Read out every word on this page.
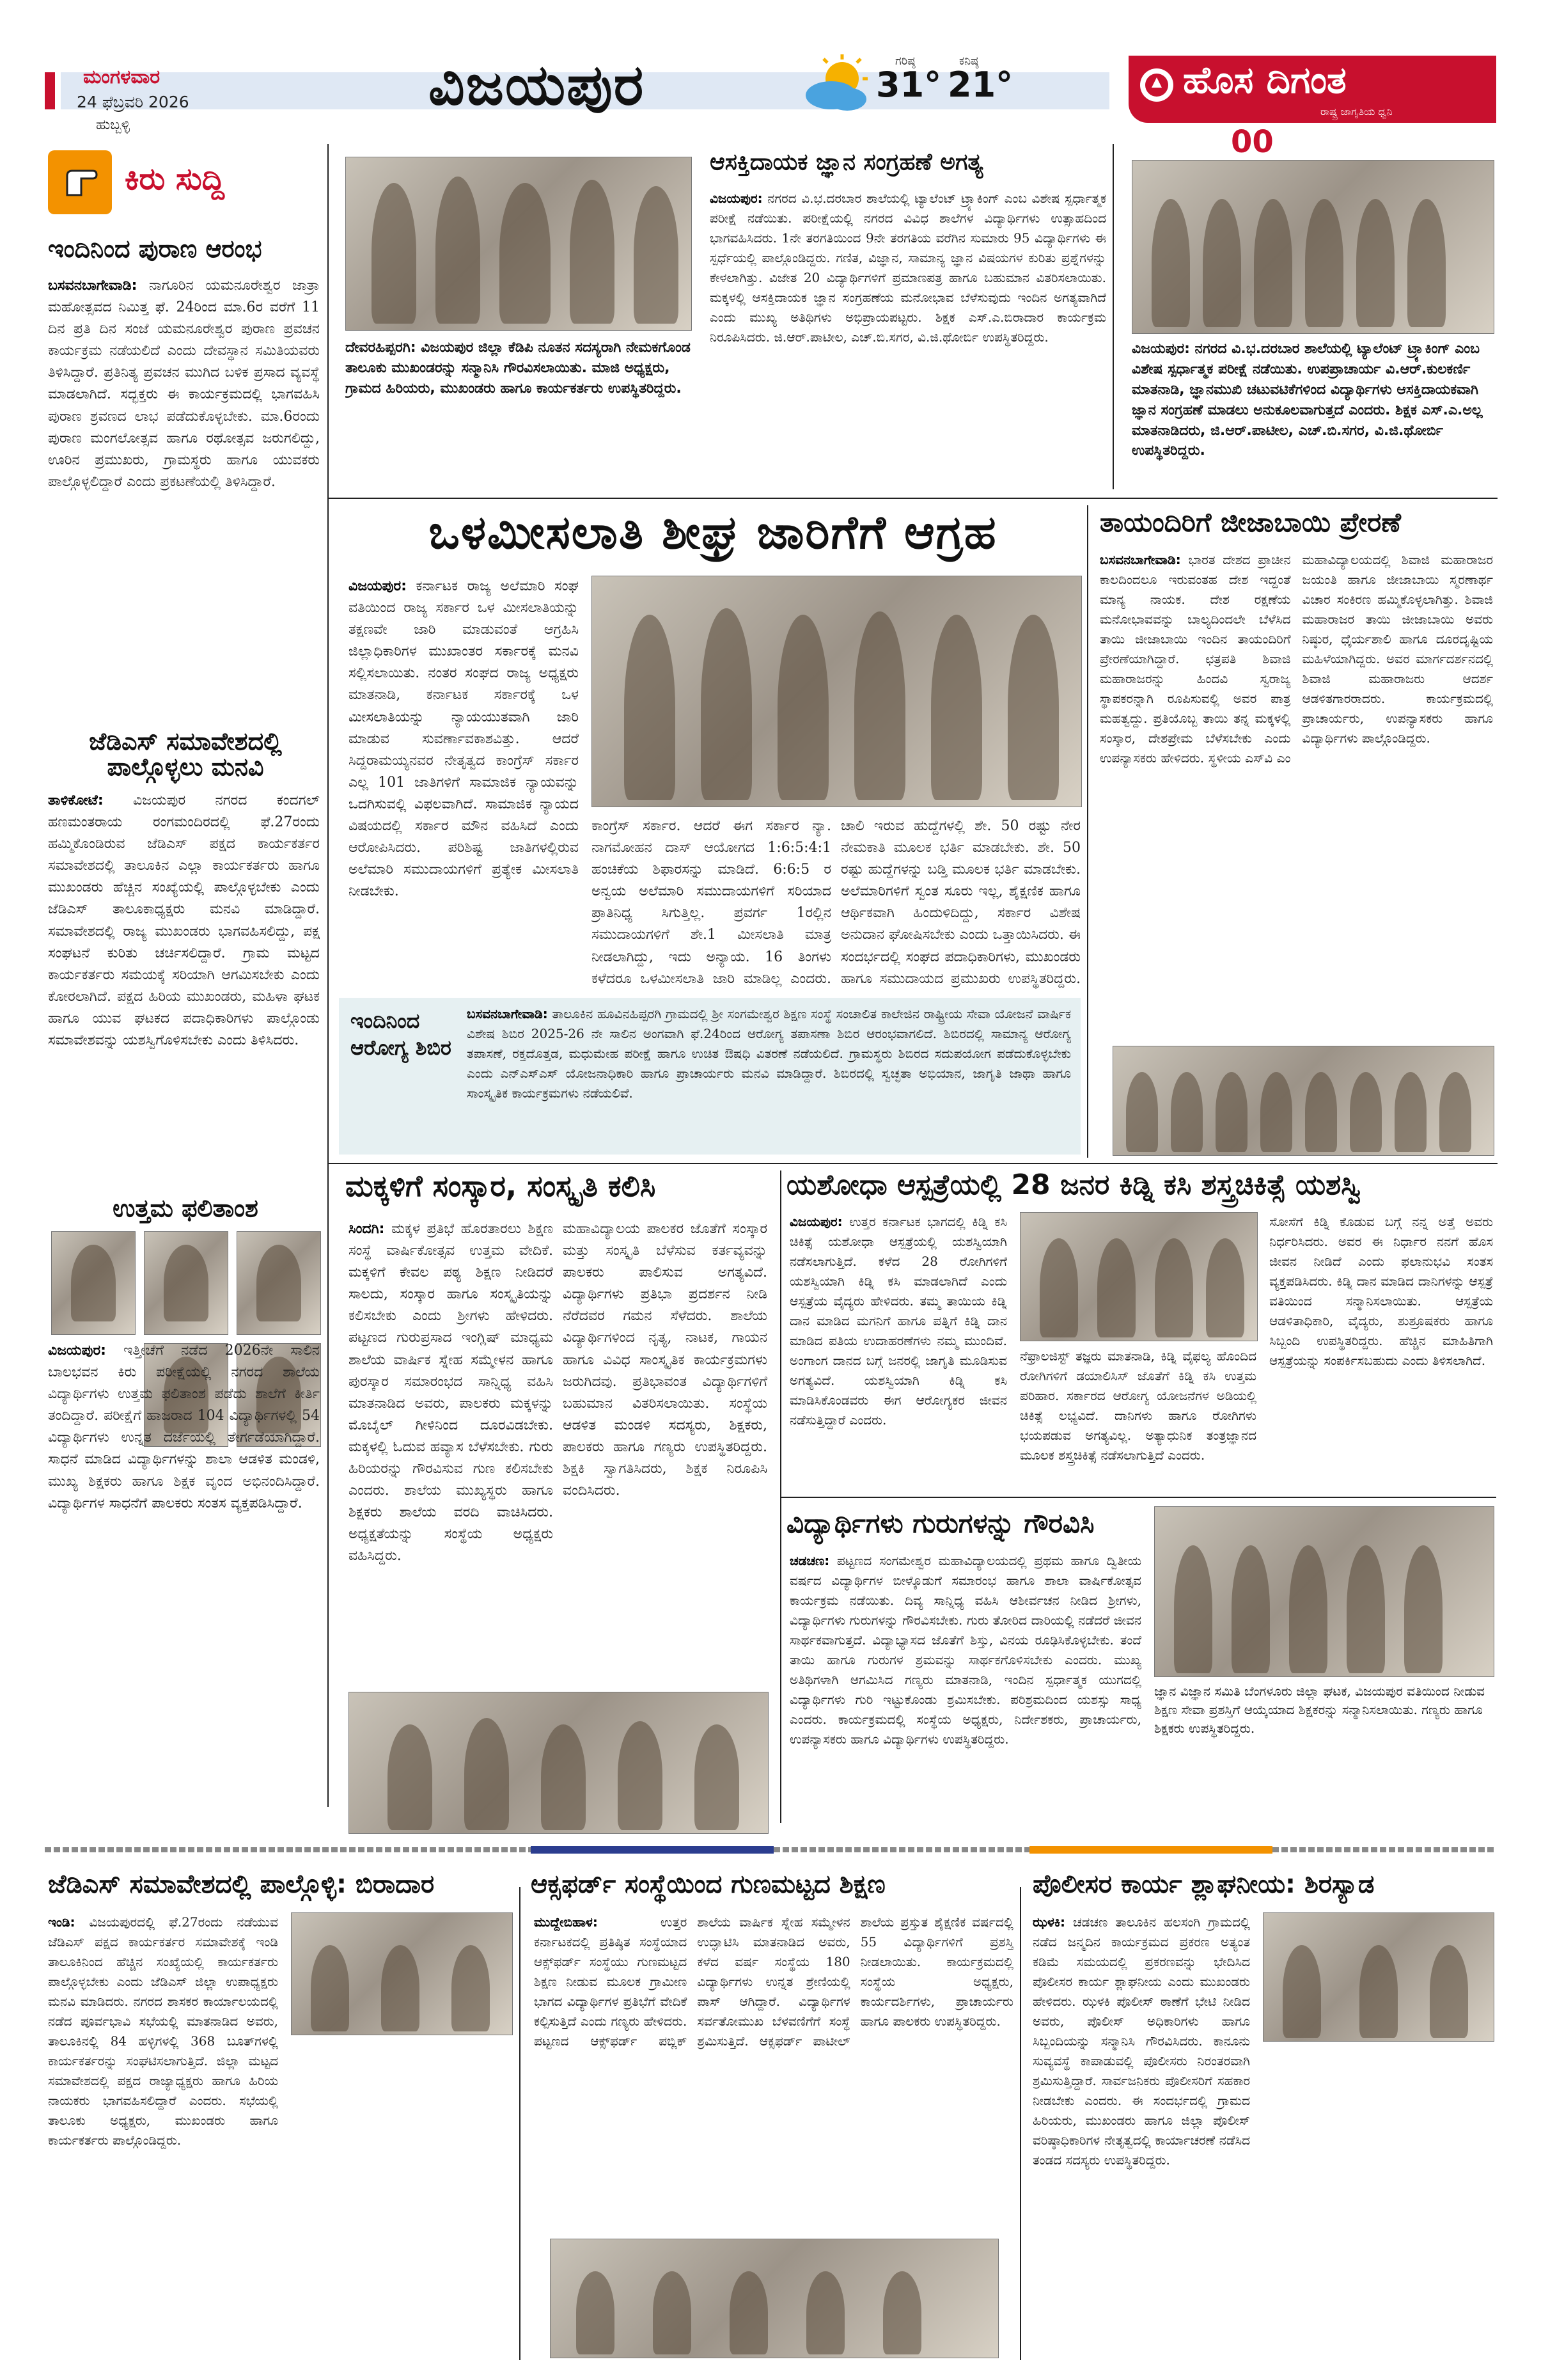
ಮಂಗಳವಾರ
24 ಫೆಬ್ರವರಿ 2026
ಹುಬ್ಬಳ್ಳಿ
ವಿಜಯಪುರ	ಗರಿಷ್ಠ
31°
ಕನಿಷ್ಠ
21°	ಹೊಸ ದಿಗಂತ
ರಾಷ್ಟ್ರ ಜಾಗೃತಿಯ ಧ್ವನಿ
00
ಕಿರು ಸುದ್ದಿ
ಇಂದಿನಿಂದ ಪುರಾಣ ಆರಂಭ
ಬಸವನಬಾಗೇವಾಡಿ: ನಾಗೂರಿನ ಯಮನೂರೇಶ್ವರ ಜಾತ್ರಾ ಮಹೋತ್ಸವದ ನಿಮಿತ್ತ ಫೆ. 24ರಿಂದ ಮಾ.6ರ ವರೆಗೆ 11 ದಿನ ಪ್ರತಿ ದಿನ ಸಂಜೆ ಯಮನೂರೇಶ್ವರ ಪುರಾಣ ಪ್ರವಚನ ಕಾರ್ಯಕ್ರಮ ನಡೆಯಲಿದೆ ಎಂದು ದೇವಸ್ಥಾನ ಸಮಿತಿಯವರು ತಿಳಿಸಿದ್ದಾರೆ. ಪ್ರತಿನಿತ್ಯ ಪ್ರವಚನ ಮುಗಿದ ಬಳಿಕ ಪ್ರಸಾದ ವ್ಯವಸ್ಥೆ ಮಾಡಲಾಗಿದೆ. ಸದ್ಭಕ್ತರು ಈ ಕಾರ್ಯಕ್ರಮದಲ್ಲಿ ಭಾಗವಹಿಸಿ ಪುರಾಣ ಶ್ರವಣದ ಲಾಭ ಪಡೆದುಕೊಳ್ಳಬೇಕು. ಮಾ.6ರಂದು ಪುರಾಣ ಮಂಗಲೋತ್ಸವ ಹಾಗೂ ರಥೋತ್ಸವ ಜರುಗಲಿದ್ದು, ಊರಿನ ಪ್ರಮುಖರು, ಗ್ರಾಮಸ್ಥರು ಹಾಗೂ ಯುವಕರು ಪಾಲ್ಗೊಳ್ಳಲಿದ್ದಾರೆ ಎಂದು ಪ್ರಕಟಣೆಯಲ್ಲಿ ತಿಳಿಸಿದ್ದಾರೆ.
ಜೆಡಿಎಸ್ ಸಮಾವೇಶದಲ್ಲಿ ಪಾಲ್ಗೊಳ್ಳಲು ಮನವಿ
ತಾಳಿಕೋಟೆ: ವಿಜಯಪುರ ನಗರದ ಕಂದಗಲ್ ಹಣಮಂತರಾಯ ರಂಗಮಂದಿರದಲ್ಲಿ ಫೆ.27ರಂದು ಹಮ್ಮಿಕೊಂಡಿರುವ ಜೆಡಿಎಸ್ ಪಕ್ಷದ ಕಾರ್ಯಕರ್ತರ ಸಮಾವೇಶದಲ್ಲಿ ತಾಲೂಕಿನ ಎಲ್ಲಾ ಕಾರ್ಯಕರ್ತರು ಹಾಗೂ ಮುಖಂಡರು ಹೆಚ್ಚಿನ ಸಂಖ್ಯೆಯಲ್ಲಿ ಪಾಲ್ಗೊಳ್ಳಬೇಕು ಎಂದು ಜೆಡಿಎಸ್ ತಾಲೂಕಾಧ್ಯಕ್ಷರು ಮನವಿ ಮಾಡಿದ್ದಾರೆ. ಸಮಾವೇಶದಲ್ಲಿ ರಾಜ್ಯ ಮುಖಂಡರು ಭಾಗವಹಿಸಲಿದ್ದು, ಪಕ್ಷ ಸಂಘಟನೆ ಕುರಿತು ಚರ್ಚಿಸಲಿದ್ದಾರೆ. ಗ್ರಾಮ ಮಟ್ಟದ ಕಾರ್ಯಕರ್ತರು ಸಮಯಕ್ಕೆ ಸರಿಯಾಗಿ ಆಗಮಿಸಬೇಕು ಎಂದು ಕೋರಲಾಗಿದೆ. ಪಕ್ಷದ ಹಿರಿಯ ಮುಖಂಡರು, ಮಹಿಳಾ ಘಟಕ ಹಾಗೂ ಯುವ ಘಟಕದ ಪದಾಧಿಕಾರಿಗಳು ಪಾಲ್ಗೊಂಡು ಸಮಾವೇಶವನ್ನು ಯಶಸ್ವಿಗೊಳಿಸಬೇಕು ಎಂದು ತಿಳಿಸಿದರು.
ಉತ್ತಮ ಫಲಿತಾಂಶ
ವಿಜಯಪುರ: ಇತ್ತೀಚೆಗೆ ನಡೆದ 2026ನೇ ಸಾಲಿನ ಬಾಲಭವನ ಕಿರು ಪರೀಕ್ಷೆಯಲ್ಲಿ ನಗರದ ಶಾಲೆಯ ವಿದ್ಯಾರ್ಥಿಗಳು ಉತ್ತಮ ಫಲಿತಾಂಶ ಪಡೆದು ಶಾಲೆಗೆ ಕೀರ್ತಿ ತಂದಿದ್ದಾರೆ. ಪರೀಕ್ಷೆಗೆ ಹಾಜರಾದ 104 ವಿದ್ಯಾರ್ಥಿಗಳಲ್ಲಿ 54 ವಿದ್ಯಾರ್ಥಿಗಳು ಉನ್ನತ ದರ್ಜೆಯಲ್ಲಿ ತೇರ್ಗಡೆಯಾಗಿದ್ದಾರೆ. ಸಾಧನೆ ಮಾಡಿದ ವಿದ್ಯಾರ್ಥಿಗಳನ್ನು ಶಾಲಾ ಆಡಳಿತ ಮಂಡಳಿ, ಮುಖ್ಯ ಶಿಕ್ಷಕರು ಹಾಗೂ ಶಿಕ್ಷಕ ವೃಂದ ಅಭಿನಂದಿಸಿದ್ದಾರೆ. ವಿದ್ಯಾರ್ಥಿಗಳ ಸಾಧನೆಗೆ ಪಾಲಕರು ಸಂತಸ ವ್ಯಕ್ತಪಡಿಸಿದ್ದಾರೆ.
ದೇವರಹಿಪ್ಪರಗಿ: ವಿಜಯಪುರ ಜಿಲ್ಲಾ ಕೆಡಿಪಿ ನೂತನ ಸದಸ್ಯರಾಗಿ ನೇಮಕಗೊಂಡ ತಾಲೂಕು ಮುಖಂಡರನ್ನು ಸನ್ಮಾನಿಸಿ ಗೌರವಿಸಲಾಯಿತು. ಮಾಜಿ ಅಧ್ಯಕ್ಷರು, ಗ್ರಾಮದ ಹಿರಿಯರು, ಮುಖಂಡರು ಹಾಗೂ ಕಾರ್ಯಕರ್ತರು ಉಪಸ್ಥಿತರಿದ್ದರು.
ಆಸಕ್ತಿದಾಯಕ ಜ್ಞಾನ ಸಂಗ್ರಹಣೆ ಅಗತ್ಯ
ವಿಜಯಪುರ: ನಗರದ ವಿ.ಭ.ದರಬಾರ ಶಾಲೆಯಲ್ಲಿ ಟ್ಯಾಲೆಂಟ್ ಟ್ರ್ಯಾಕಿಂಗ್ ಎಂಬ ವಿಶೇಷ ಸ್ಪರ್ಧಾತ್ಮಕ ಪರೀಕ್ಷೆ ನಡೆಯಿತು. ಪರೀಕ್ಷೆಯಲ್ಲಿ ನಗರದ ವಿವಿಧ ಶಾಲೆಗಳ ವಿದ್ಯಾರ್ಥಿಗಳು ಉತ್ಸಾಹದಿಂದ ಭಾಗವಹಿಸಿದರು. 1ನೇ ತರಗತಿಯಿಂದ 9ನೇ ತರಗತಿಯ ವರೆಗಿನ ಸುಮಾರು 95 ವಿದ್ಯಾರ್ಥಿಗಳು ಈ ಸ್ಪರ್ಧೆಯಲ್ಲಿ ಪಾಲ್ಗೊಂಡಿದ್ದರು. ಗಣಿತ, ವಿಜ್ಞಾನ, ಸಾಮಾನ್ಯ ಜ್ಞಾನ ವಿಷಯಗಳ ಕುರಿತು ಪ್ರಶ್ನೆಗಳನ್ನು ಕೇಳಲಾಗಿತ್ತು. ವಿಜೇತ 20 ವಿದ್ಯಾರ್ಥಿಗಳಿಗೆ ಪ್ರಮಾಣಪತ್ರ ಹಾಗೂ ಬಹುಮಾನ ವಿತರಿಸಲಾಯಿತು. ಮಕ್ಕಳಲ್ಲಿ ಆಸಕ್ತಿದಾಯಕ ಜ್ಞಾನ ಸಂಗ್ರಹಣೆಯ ಮನೋಭಾವ ಬೆಳೆಸುವುದು ಇಂದಿನ ಅಗತ್ಯವಾಗಿದೆ ಎಂದು ಮುಖ್ಯ ಅತಿಥಿಗಳು ಅಭಿಪ್ರಾಯಪಟ್ಟರು. ಶಿಕ್ಷಕ ಎಸ್.ಎ.ಬಿರಾದಾರ ಕಾರ್ಯಕ್ರಮ ನಿರೂಪಿಸಿದರು. ಜಿ.ಆರ್.ಪಾಟೀಲ, ಎಚ್.ಬಿ.ಸಗರ, ವಿ.ಜಿ.ಥೋರ್ಬಿ ಉಪಸ್ಥಿತರಿದ್ದರು.
ವಿಜಯಪುರ: ನಗರದ ವಿ.ಭ.ದರಬಾರ ಶಾಲೆಯಲ್ಲಿ ಟ್ಯಾಲೆಂಟ್ ಟ್ರ್ಯಾಕಿಂಗ್ ಎಂಬ ವಿಶೇಷ ಸ್ಪರ್ಧಾತ್ಮಕ ಪರೀಕ್ಷೆ ನಡೆಯಿತು. ಉಪಪ್ರಾಚಾರ್ಯ ವಿ.ಆರ್.ಕುಲಕರ್ಣಿ ಮಾತನಾಡಿ, ಜ್ಞಾನಮುಖಿ ಚಟುವಟಿಕೆಗಳಿಂದ ವಿದ್ಯಾರ್ಥಿಗಳು ಆಸಕ್ತಿದಾಯಕವಾಗಿ ಜ್ಞಾನ ಸಂಗ್ರಹಣೆ ಮಾಡಲು ಅನುಕೂಲವಾಗುತ್ತದೆ ಎಂದರು. ಶಿಕ್ಷಕ ಎಸ್.ಎ.ಅಲ್ಲ ಮಾತನಾಡಿದರು, ಜಿ.ಆರ್.ಪಾಟೀಲ, ಎಚ್.ಬಿ.ಸಗರ, ವಿ.ಜಿ.ಥೋರ್ಬಿ ಉಪಸ್ಥಿತರಿದ್ದರು.
ಒಳಮೀಸಲಾತಿ ಶೀಘ್ರ ಜಾರಿಗೆಗೆ ಆಗ್ರಹ
ವಿಜಯಪುರ: ಕರ್ನಾಟಕ ರಾಜ್ಯ ಅಲೆಮಾರಿ ಸಂಘ ವತಿಯಿಂದ ರಾಜ್ಯ ಸರ್ಕಾರ ಒಳ ಮೀಸಲಾತಿಯನ್ನು ತಕ್ಷಣವೇ ಜಾರಿ ಮಾಡುವಂತೆ ಆಗ್ರಹಿಸಿ ಜಿಲ್ಲಾಧಿಕಾರಿಗಳ ಮುಖಾಂತರ ಸರ್ಕಾರಕ್ಕೆ ಮನವಿ ಸಲ್ಲಿಸಲಾಯಿತು. ನಂತರ ಸಂಘದ ರಾಜ್ಯ ಅಧ್ಯಕ್ಷರು ಮಾತನಾಡಿ, ಕರ್ನಾಟಕ ಸರ್ಕಾರಕ್ಕೆ ಒಳ ಮೀಸಲಾತಿಯನ್ನು ನ್ಯಾಯಯುತವಾಗಿ ಜಾರಿ ಮಾಡುವ ಸುವರ್ಣಾವಕಾಶವಿತ್ತು. ಆದರೆ ಸಿದ್ದರಾಮಯ್ಯನವರ ನೇತೃತ್ವದ ಕಾಂಗ್ರೆಸ್ ಸರ್ಕಾರ ಎಲ್ಲ 101 ಜಾತಿಗಳಿಗೆ ಸಾಮಾಜಿಕ ನ್ಯಾಯವನ್ನು ಒದಗಿಸುವಲ್ಲಿ ವಿಫಲವಾಗಿದೆ. ಸಾಮಾಜಿಕ ನ್ಯಾಯದ ವಿಷಯದಲ್ಲಿ ಸರ್ಕಾರ ಮೌನ ವಹಿಸಿದೆ ಎಂದು ಆರೋಪಿಸಿದರು. ಪರಿಶಿಷ್ಟ ಜಾತಿಗಳಲ್ಲಿರುವ ಅಲೆಮಾರಿ ಸಮುದಾಯಗಳಿಗೆ ಪ್ರತ್ಯೇಕ ಮೀಸಲಾತಿ ನೀಡಬೇಕು.
ಕಾಂಗ್ರೆಸ್ ಸರ್ಕಾರ. ಆದರೆ ಈಗ ಸರ್ಕಾರ ನ್ಯಾ. ನಾಗಮೋಹನ ದಾಸ್ ಆಯೋಗದ 1:6:5:4:1 ಹಂಚಿಕೆಯ ಶಿಫಾರಸನ್ನು ಮಾಡಿದೆ. 6:6:5 ರ ಅನ್ವಯ ಅಲೆಮಾರಿ ಸಮುದಾಯಗಳಿಗೆ ಸರಿಯಾದ ಪ್ರಾತಿನಿಧ್ಯ ಸಿಗುತ್ತಿಲ್ಲ. ಪ್ರವರ್ಗ 1ರಲ್ಲಿನ ಸಮುದಾಯಗಳಿಗೆ ಶೇ.1 ಮೀಸಲಾತಿ ಮಾತ್ರ ನೀಡಲಾಗಿದ್ದು, ಇದು ಅನ್ಯಾಯ. 16 ತಿಂಗಳು ಕಳೆದರೂ ಒಳಮೀಸಲಾತಿ ಜಾರಿ ಮಾಡಿಲ್ಲ ಎಂದರು.
ಚಾಲಿ ಇರುವ ಹುದ್ದೆಗಳಲ್ಲಿ ಶೇ. 50 ರಷ್ಟು ನೇರ ನೇಮಕಾತಿ ಮೂಲಕ ಭರ್ತಿ ಮಾಡಬೇಕು. ಶೇ. 50 ರಷ್ಟು ಹುದ್ದೆಗಳನ್ನು ಬಡ್ತಿ ಮೂಲಕ ಭರ್ತಿ ಮಾಡಬೇಕು. ಅಲೆಮಾರಿಗಳಿಗೆ ಸ್ವಂತ ಸೂರು ಇಲ್ಲ, ಶೈಕ್ಷಣಿಕ ಹಾಗೂ ಆರ್ಥಿಕವಾಗಿ ಹಿಂದುಳಿದಿದ್ದು, ಸರ್ಕಾರ ವಿಶೇಷ ಅನುದಾನ ಘೋಷಿಸಬೇಕು ಎಂದು ಒತ್ತಾಯಿಸಿದರು. ಈ ಸಂದರ್ಭದಲ್ಲಿ ಸಂಘದ ಪದಾಧಿಕಾರಿಗಳು, ಮುಖಂಡರು ಹಾಗೂ ಸಮುದಾಯದ ಪ್ರಮುಖರು ಉಪಸ್ಥಿತರಿದ್ದರು.
ಇಂದಿನಿಂದ
ಆರೋಗ್ಯ ಶಿಬಿರ
ಬಸವನಬಾಗೇವಾಡಿ: ತಾಲೂಕಿನ ಹೂವಿನಹಿಪ್ಪರಗಿ ಗ್ರಾಮದಲ್ಲಿ ಶ್ರೀ ಸಂಗಮೇಶ್ವರ ಶಿಕ್ಷಣ ಸಂಸ್ಥೆ ಸಂಚಾಲಿತ ಕಾಲೇಜಿನ ರಾಷ್ಟ್ರೀಯ ಸೇವಾ ಯೋಜನೆ ವಾರ್ಷಿಕ ವಿಶೇಷ ಶಿಬಿರ 2025-26 ನೇ ಸಾಲಿನ ಅಂಗವಾಗಿ ಫೆ.24ರಿಂದ ಆರೋಗ್ಯ ತಪಾಸಣಾ ಶಿಬಿರ ಆರಂಭವಾಗಲಿದೆ. ಶಿಬಿರದಲ್ಲಿ ಸಾಮಾನ್ಯ ಆರೋಗ್ಯ ತಪಾಸಣೆ, ರಕ್ತದೊತ್ತಡ, ಮಧುಮೇಹ ಪರೀಕ್ಷೆ ಹಾಗೂ ಉಚಿತ ಔಷಧಿ ವಿತರಣೆ ನಡೆಯಲಿದೆ. ಗ್ರಾಮಸ್ಥರು ಶಿಬಿರದ ಸದುಪಯೋಗ ಪಡೆದುಕೊಳ್ಳಬೇಕು ಎಂದು ಎನ್‌ಎಸ್‌ಎಸ್ ಯೋಜನಾಧಿಕಾರಿ ಹಾಗೂ ಪ್ರಾಚಾರ್ಯರು ಮನವಿ ಮಾಡಿದ್ದಾರೆ. ಶಿಬಿರದಲ್ಲಿ ಸ್ವಚ್ಛತಾ ಅಭಿಯಾನ, ಜಾಗೃತಿ ಜಾಥಾ ಹಾಗೂ ಸಾಂಸ್ಕೃತಿಕ ಕಾರ್ಯಕ್ರಮಗಳು ನಡೆಯಲಿವೆ.
ತಾಯಂದಿರಿಗೆ ಜೀಜಾಬಾಯಿ ಪ್ರೇರಣೆ
ಬಸವನಬಾಗೇವಾಡಿ: ಭಾರತ ದೇಶದ ಪ್ರಾಚೀನ ಕಾಲದಿಂದಲೂ ಇರುವಂತಹ ದೇಶ ಇದ್ದಂತೆ ಮಾನ್ಯ ನಾಯಕ. ದೇಶ ರಕ್ಷಣೆಯ ಮನೋಭಾವವನ್ನು ಬಾಲ್ಯದಿಂದಲೇ ಬೆಳೆಸಿದ ತಾಯಿ ಜೀಜಾಬಾಯಿ ಇಂದಿನ ತಾಯಂದಿರಿಗೆ ಪ್ರೇರಣೆಯಾಗಿದ್ದಾರೆ. ಛತ್ರಪತಿ ಶಿವಾಜಿ ಮಹಾರಾಜರನ್ನು ಹಿಂದವಿ ಸ್ವರಾಜ್ಯ ಸ್ಥಾಪಕರನ್ನಾಗಿ ರೂಪಿಸುವಲ್ಲಿ ಅವರ ಪಾತ್ರ ಮಹತ್ವದ್ದು. ಪ್ರತಿಯೊಬ್ಬ ತಾಯಿ ತನ್ನ ಮಕ್ಕಳಲ್ಲಿ ಸಂಸ್ಕಾರ, ದೇಶಪ್ರೇಮ ಬೆಳೆಸಬೇಕು ಎಂದು ಉಪನ್ಯಾಸಕರು ಹೇಳಿದರು. ಸ್ಥಳೀಯ ಎಸ್‌ವಿ ಎಂ ಮಹಾವಿದ್ಯಾಲಯದಲ್ಲಿ ಶಿವಾಜಿ ಮಹಾರಾಜರ ಜಯಂತಿ ಹಾಗೂ ಜೀಜಾಬಾಯಿ ಸ್ಮರಣಾರ್ಥ ವಿಚಾರ ಸಂಕಿರಣ ಹಮ್ಮಿಕೊಳ್ಳಲಾಗಿತ್ತು. ಶಿವಾಜಿ ಮಹಾರಾಜರ ತಾಯಿ ಜೀಜಾಬಾಯಿ ಅವರು ನಿಷ್ಠುರ, ಧೈರ್ಯಶಾಲಿ ಹಾಗೂ ದೂರದೃಷ್ಟಿಯ ಮಹಿಳೆಯಾಗಿದ್ದರು. ಅವರ ಮಾರ್ಗದರ್ಶನದಲ್ಲಿ ಶಿವಾಜಿ ಮಹಾರಾಜರು ಆದರ್ಶ ಆಡಳಿತಗಾರರಾದರು. ಕಾರ್ಯಕ್ರಮದಲ್ಲಿ ಪ್ರಾಚಾರ್ಯರು, ಉಪನ್ಯಾಸಕರು ಹಾಗೂ ವಿದ್ಯಾರ್ಥಿಗಳು ಪಾಲ್ಗೊಂಡಿದ್ದರು.
ಮಕ್ಕಳಿಗೆ ಸಂಸ್ಕಾರ, ಸಂಸ್ಕೃತಿ ಕಲಿಸಿ
ಸಿಂದಗಿ: ಮಕ್ಕಳ ಪ್ರತಿಭೆ ಹೊರತಾರಲು ಶಿಕ್ಷಣ ಸಂಸ್ಥೆ ವಾರ್ಷಿಕೋತ್ಸವ ಉತ್ತಮ ವೇದಿಕೆ. ಮಕ್ಕಳಿಗೆ ಕೇವಲ ಪಠ್ಯ ಶಿಕ್ಷಣ ನೀಡಿದರೆ ಸಾಲದು, ಸಂಸ್ಕಾರ ಹಾಗೂ ಸಂಸ್ಕೃತಿಯನ್ನು ಕಲಿಸಬೇಕು ಎಂದು ಶ್ರೀಗಳು ಹೇಳಿದರು. ಪಟ್ಟಣದ ಗುರುಪ್ರಸಾದ ಇಂಗ್ಲಿಷ್ ಮಾಧ್ಯಮ ಶಾಲೆಯ ವಾರ್ಷಿಕ ಸ್ನೇಹ ಸಮ್ಮೇಳನ ಹಾಗೂ ಪುರಸ್ಕಾರ ಸಮಾರಂಭದ ಸಾನ್ನಿಧ್ಯ ವಹಿಸಿ ಮಾತನಾಡಿದ ಅವರು, ಪಾಲಕರು ಮಕ್ಕಳನ್ನು ಮೊಬೈಲ್ ಗೀಳಿನಿಂದ ದೂರವಿಡಬೇಕು. ಮಕ್ಕಳಲ್ಲಿ ಓದುವ ಹವ್ಯಾಸ ಬೆಳೆಸಬೇಕು. ಗುರು ಹಿರಿಯರನ್ನು ಗೌರವಿಸುವ ಗುಣ ಕಲಿಸಬೇಕು ಎಂದರು. ಶಾಲೆಯ ಮುಖ್ಯಸ್ಥರು ಹಾಗೂ ಶಿಕ್ಷಕರು ಶಾಲೆಯ ವರದಿ ವಾಚಿಸಿದರು. ಅಧ್ಯಕ್ಷತೆಯನ್ನು ಸಂಸ್ಥೆಯ ಅಧ್ಯಕ್ಷರು ವಹಿಸಿದ್ದರು.
ಮಹಾವಿದ್ಯಾಲಯ ಪಾಲಕರ ಜೊತೆಗೆ ಸಂಸ್ಕಾರ ಮತ್ತು ಸಂಸ್ಕೃತಿ ಬೆಳೆಸುವ ಕರ್ತವ್ಯವನ್ನು ಪಾಲಕರು ಪಾಲಿಸುವ ಅಗತ್ಯವಿದೆ. ವಿದ್ಯಾರ್ಥಿಗಳು ಪ್ರತಿಭಾ ಪ್ರದರ್ಶನ ನೀಡಿ ನೆರೆದವರ ಗಮನ ಸೆಳೆದರು. ಶಾಲೆಯ ವಿದ್ಯಾರ್ಥಿಗಳಿಂದ ನೃತ್ಯ, ನಾಟಕ, ಗಾಯನ ಹಾಗೂ ವಿವಿಧ ಸಾಂಸ್ಕೃತಿಕ ಕಾರ್ಯಕ್ರಮಗಳು ಜರುಗಿದವು. ಪ್ರತಿಭಾವಂತ ವಿದ್ಯಾರ್ಥಿಗಳಿಗೆ ಬಹುಮಾನ ವಿತರಿಸಲಾಯಿತು. ಸಂಸ್ಥೆಯ ಆಡಳಿತ ಮಂಡಳಿ ಸದಸ್ಯರು, ಶಿಕ್ಷಕರು, ಪಾಲಕರು ಹಾಗೂ ಗಣ್ಯರು ಉಪಸ್ಥಿತರಿದ್ದರು. ಶಿಕ್ಷಕಿ ಸ್ವಾಗತಿಸಿದರು, ಶಿಕ್ಷಕ ನಿರೂಪಿಸಿ ವಂದಿಸಿದರು.
ಯಶೋಧಾ ಆಸ್ಪತ್ರೆಯಲ್ಲಿ 28 ಜನರ ಕಿಡ್ನಿ ಕಸಿ ಶಸ್ತ್ರಚಿಕಿತ್ಸೆ ಯಶಸ್ವಿ
ವಿಜಯಪುರ: ಉತ್ತರ ಕರ್ನಾಟಕ ಭಾಗದಲ್ಲಿ ಕಿಡ್ನಿ ಕಸಿ ಚಿಕಿತ್ಸೆ ಯಶೋಧಾ ಆಸ್ಪತ್ರೆಯಲ್ಲಿ ಯಶಸ್ವಿಯಾಗಿ ನಡೆಸಲಾಗುತ್ತಿದೆ. ಕಳೆದ 28 ರೋಗಿಗಳಿಗೆ ಯಶಸ್ವಿಯಾಗಿ ಕಿಡ್ನಿ ಕಸಿ ಮಾಡಲಾಗಿದೆ ಎಂದು ಆಸ್ಪತ್ರೆಯ ವೈದ್ಯರು ಹೇಳಿದರು. ತಮ್ಮ ತಾಯಿಯ ಕಿಡ್ನಿ ದಾನ ಮಾಡಿದ ಮಗನಿಗೆ ಹಾಗೂ ಪತ್ನಿಗೆ ಕಿಡ್ನಿ ದಾನ ಮಾಡಿದ ಪತಿಯ ಉದಾಹರಣೆಗಳು ನಮ್ಮ ಮುಂದಿವೆ. ಅಂಗಾಂಗ ದಾನದ ಬಗ್ಗೆ ಜನರಲ್ಲಿ ಜಾಗೃತಿ ಮೂಡಿಸುವ ಅಗತ್ಯವಿದೆ. ಯಶಸ್ವಿಯಾಗಿ ಕಿಡ್ನಿ ಕಸಿ ಮಾಡಿಸಿಕೊಂಡವರು ಈಗ ಆರೋಗ್ಯಕರ ಜೀವನ ನಡೆಸುತ್ತಿದ್ದಾರೆ ಎಂದರು.
ನೆಫ್ರಾಲಜಿಸ್ಟ್ ತಜ್ಞರು ಮಾತನಾಡಿ, ಕಿಡ್ನಿ ವೈಫಲ್ಯ ಹೊಂದಿದ ರೋಗಿಗಳಿಗೆ ಡಯಾಲಿಸಿಸ್ ಜೊತೆಗೆ ಕಿಡ್ನಿ ಕಸಿ ಉತ್ತಮ ಪರಿಹಾರ. ಸರ್ಕಾರದ ಆರೋಗ್ಯ ಯೋಜನೆಗಳ ಅಡಿಯಲ್ಲಿ ಚಿಕಿತ್ಸೆ ಲಭ್ಯವಿದೆ. ದಾನಿಗಳು ಹಾಗೂ ರೋಗಿಗಳು ಭಯಪಡುವ ಅಗತ್ಯವಿಲ್ಲ. ಅತ್ಯಾಧುನಿಕ ತಂತ್ರಜ್ಞಾನದ ಮೂಲಕ ಶಸ್ತ್ರಚಿಕಿತ್ಸೆ ನಡೆಸಲಾಗುತ್ತಿದೆ ಎಂದರು.
ಸೋಸೆಗೆ ಕಿಡ್ನಿ ಕೊಡುವ ಬಗ್ಗೆ ನನ್ನ ಅತ್ತೆ ಅವರು ನಿರ್ಧರಿಸಿದರು. ಅವರ ಈ ನಿರ್ಧಾರ ನನಗೆ ಹೊಸ ಜೀವನ ನೀಡಿದೆ ಎಂದು ಫಲಾನುಭವಿ ಸಂತಸ ವ್ಯಕ್ತಪಡಿಸಿದರು. ಕಿಡ್ನಿ ದಾನ ಮಾಡಿದ ದಾನಿಗಳನ್ನು ಆಸ್ಪತ್ರೆ ವತಿಯಿಂದ ಸನ್ಮಾನಿಸಲಾಯಿತು. ಆಸ್ಪತ್ರೆಯ ಆಡಳಿತಾಧಿಕಾರಿ, ವೈದ್ಯರು, ಶುಶ್ರೂಷಕರು ಹಾಗೂ ಸಿಬ್ಬಂದಿ ಉಪಸ್ಥಿತರಿದ್ದರು. ಹೆಚ್ಚಿನ ಮಾಹಿತಿಗಾಗಿ ಆಸ್ಪತ್ರೆಯನ್ನು ಸಂಪರ್ಕಿಸಬಹುದು ಎಂದು ತಿಳಿಸಲಾಗಿದೆ.
ವಿದ್ಯಾರ್ಥಿಗಳು ಗುರುಗಳನ್ನು ಗೌರವಿಸಿ
ಚಡಚಣ: ಪಟ್ಟಣದ ಸಂಗಮೇಶ್ವರ ಮಹಾವಿದ್ಯಾಲಯದಲ್ಲಿ ಪ್ರಥಮ ಹಾಗೂ ದ್ವಿತೀಯ ವರ್ಷದ ವಿದ್ಯಾರ್ಥಿಗಳ ಬೀಳ್ಕೊಡುಗೆ ಸಮಾರಂಭ ಹಾಗೂ ಶಾಲಾ ವಾರ್ಷಿಕೋತ್ಸವ ಕಾರ್ಯಕ್ರಮ ನಡೆಯಿತು. ದಿವ್ಯ ಸಾನ್ನಿಧ್ಯ ವಹಿಸಿ ಆಶೀರ್ವಚನ ನೀಡಿದ ಶ್ರೀಗಳು, ವಿದ್ಯಾರ್ಥಿಗಳು ಗುರುಗಳನ್ನು ಗೌರವಿಸಬೇಕು. ಗುರು ತೋರಿದ ದಾರಿಯಲ್ಲಿ ನಡೆದರೆ ಜೀವನ ಸಾರ್ಥಕವಾಗುತ್ತದೆ. ವಿದ್ಯಾಭ್ಯಾಸದ ಜೊತೆಗೆ ಶಿಸ್ತು, ವಿನಯ ರೂಢಿಸಿಕೊಳ್ಳಬೇಕು. ತಂದೆ ತಾಯಿ ಹಾಗೂ ಗುರುಗಳ ಶ್ರಮವನ್ನು ಸಾರ್ಥಕಗೊಳಿಸಬೇಕು ಎಂದರು. ಮುಖ್ಯ ಅತಿಥಿಗಳಾಗಿ ಆಗಮಿಸಿದ ಗಣ್ಯರು ಮಾತನಾಡಿ, ಇಂದಿನ ಸ್ಪರ್ಧಾತ್ಮಕ ಯುಗದಲ್ಲಿ ವಿದ್ಯಾರ್ಥಿಗಳು ಗುರಿ ಇಟ್ಟುಕೊಂಡು ಶ್ರಮಿಸಬೇಕು. ಪರಿಶ್ರಮದಿಂದ ಯಶಸ್ಸು ಸಾಧ್ಯ ಎಂದರು. ಕಾರ್ಯಕ್ರಮದಲ್ಲಿ ಸಂಸ್ಥೆಯ ಅಧ್ಯಕ್ಷರು, ನಿರ್ದೇಶಕರು, ಪ್ರಾಚಾರ್ಯರು, ಉಪನ್ಯಾಸಕರು ಹಾಗೂ ವಿದ್ಯಾರ್ಥಿಗಳು ಉಪಸ್ಥಿತರಿದ್ದರು.
ಜ್ಞಾನ ವಿಜ್ಞಾನ ಸಮಿತಿ ಬೆಂಗಳೂರು ಜಿಲ್ಲಾ ಘಟಕ, ವಿಜಯಪುರ ವತಿಯಿಂದ ನೀಡುವ ಶಿಕ್ಷಣ ಸೇವಾ ಪ್ರಶಸ್ತಿಗೆ ಆಯ್ಕೆಯಾದ ಶಿಕ್ಷಕರನ್ನು ಸನ್ಮಾನಿಸಲಾಯಿತು. ಗಣ್ಯರು ಹಾಗೂ ಶಿಕ್ಷಕರು ಉಪಸ್ಥಿತರಿದ್ದರು.
ಜೆಡಿಎಸ್ ಸಮಾವೇಶದಲ್ಲಿ ಪಾಲ್ಗೊಳ್ಳಿ: ಬಿರಾದಾರ
ಇಂಡಿ: ವಿಜಯಪುರದಲ್ಲಿ ಫೆ.27ರಂದು ನಡೆಯುವ ಜೆಡಿಎಸ್ ಪಕ್ಷದ ಕಾರ್ಯಕರ್ತರ ಸಮಾವೇಶಕ್ಕೆ ಇಂಡಿ ತಾಲೂಕಿನಿಂದ ಹೆಚ್ಚಿನ ಸಂಖ್ಯೆಯಲ್ಲಿ ಕಾರ್ಯಕರ್ತರು ಪಾಲ್ಗೊಳ್ಳಬೇಕು ಎಂದು ಜೆಡಿಎಸ್ ಜಿಲ್ಲಾ ಉಪಾಧ್ಯಕ್ಷರು ಮನವಿ ಮಾಡಿದರು. ನಗರದ ಶಾಸಕರ ಕಾರ್ಯಾಲಯದಲ್ಲಿ ನಡೆದ ಪೂರ್ವಭಾವಿ ಸಭೆಯಲ್ಲಿ ಮಾತನಾಡಿದ ಅವರು, ತಾಲೂಕಿನಲ್ಲಿ 84 ಹಳ್ಳಿಗಳಲ್ಲಿ 368 ಬೂತ್‌ಗಳಲ್ಲಿ ಕಾರ್ಯಕರ್ತರನ್ನು ಸಂಘಟಿಸಲಾಗುತ್ತಿದೆ. ಜಿಲ್ಲಾ ಮಟ್ಟದ ಸಮಾವೇಶದಲ್ಲಿ ಪಕ್ಷದ ರಾಜ್ಯಾಧ್ಯಕ್ಷರು ಹಾಗೂ ಹಿರಿಯ ನಾಯಕರು ಭಾಗವಹಿಸಲಿದ್ದಾರೆ ಎಂದರು. ಸಭೆಯಲ್ಲಿ ತಾಲೂಕು ಅಧ್ಯಕ್ಷರು, ಮುಖಂಡರು ಹಾಗೂ ಕಾರ್ಯಕರ್ತರು ಪಾಲ್ಗೊಂಡಿದ್ದರು.
ಆಕ್ಸಫರ್ಡ್ ಸಂಸ್ಥೆಯಿಂದ ಗುಣಮಟ್ಟದ ಶಿಕ್ಷಣ
ಮುದ್ದೇಬಿಹಾಳ:	ಉತ್ತರ ಕರ್ನಾಟಕದಲ್ಲಿ ಪ್ರತಿಷ್ಠಿತ ಸಂಸ್ಥೆಯಾದ ಆಕ್ಸ್‌ಫರ್ಡ್ ಸಂಸ್ಥೆಯು ಗುಣಮಟ್ಟದ ಶಿಕ್ಷಣ ನೀಡುವ ಮೂಲಕ ಗ್ರಾಮೀಣ ಭಾಗದ ವಿದ್ಯಾರ್ಥಿಗಳ ಪ್ರತಿಭೆಗೆ ವೇದಿಕೆ ಕಲ್ಪಿಸುತ್ತಿದೆ ಎಂದು ಗಣ್ಯರು ಹೇಳಿದರು. ಪಟ್ಟಣದ ಆಕ್ಸ್‌ಫರ್ಡ್ ಪಬ್ಲಿಕ್ ಶಾಲೆಯ ವಾರ್ಷಿಕ ಸ್ನೇಹ ಸಮ್ಮೇಳನ ಉದ್ಘಾಟಿಸಿ ಮಾತನಾಡಿದ ಅವರು, ಕಳೆದ ವರ್ಷ ಸಂಸ್ಥೆಯ 180 ವಿದ್ಯಾರ್ಥಿಗಳು ಉನ್ನತ ಶ್ರೇಣಿಯಲ್ಲಿ ಪಾಸ್ ಆಗಿದ್ದಾರೆ. ವಿದ್ಯಾರ್ಥಿಗಳ ಸರ್ವತೋಮುಖ ಬೆಳವಣಿಗೆಗೆ ಸಂಸ್ಥೆ ಶ್ರಮಿಸುತ್ತಿದೆ. ಆಕ್ಸಫರ್ಡ್ ಪಾಟೀಲ್ ಶಾಲೆಯ ಪ್ರಸ್ತುತ ಶೈಕ್ಷಣಿಕ ವರ್ಷದಲ್ಲಿ 55 ವಿದ್ಯಾರ್ಥಿಗಳಿಗೆ ಪ್ರಶಸ್ತಿ ನೀಡಲಾಯಿತು. ಕಾರ್ಯಕ್ರಮದಲ್ಲಿ ಸಂಸ್ಥೆಯ ಅಧ್ಯಕ್ಷರು, ಕಾರ್ಯದರ್ಶಿಗಳು, ಪ್ರಾಚಾರ್ಯರು ಹಾಗೂ ಪಾಲಕರು ಉಪಸ್ಥಿತರಿದ್ದರು.
ಪೊಲೀಸರ ಕಾರ್ಯ ಶ್ಲಾಘನೀಯ: ಶಿರಸ್ಯಾಡ
ಝಳಕಿ: ಚಡಚಣ ತಾಲೂಕಿನ ಹಲಸಂಗಿ ಗ್ರಾಮದಲ್ಲಿ ನಡೆದ ಜನ್ಮದಿನ ಕಾರ್ಯಕ್ರಮದ ಪ್ರಕರಣ ಅತ್ಯಂತ ಕಡಿಮೆ ಸಮಯದಲ್ಲಿ ಪ್ರಕರಣವನ್ನು ಭೇದಿಸಿದ ಪೊಲೀಸರ ಕಾರ್ಯ ಶ್ಲಾಘನೀಯ ಎಂದು ಮುಖಂಡರು ಹೇಳಿದರು. ಝಳಕಿ ಪೊಲೀಸ್ ಠಾಣೆಗೆ ಭೇಟಿ ನೀಡಿದ ಅವರು, ಪೊಲೀಸ್ ಅಧಿಕಾರಿಗಳು ಹಾಗೂ ಸಿಬ್ಬಂದಿಯನ್ನು ಸನ್ಮಾನಿಸಿ ಗೌರವಿಸಿದರು. ಕಾನೂನು ಸುವ್ಯವಸ್ಥೆ ಕಾಪಾಡುವಲ್ಲಿ ಪೊಲೀಸರು ನಿರಂತರವಾಗಿ ಶ್ರಮಿಸುತ್ತಿದ್ದಾರೆ. ಸಾರ್ವಜನಿಕರು ಪೊಲೀಸರಿಗೆ ಸಹಕಾರ ನೀಡಬೇಕು ಎಂದರು. ಈ ಸಂದರ್ಭದಲ್ಲಿ ಗ್ರಾಮದ ಹಿರಿಯರು, ಮುಖಂಡರು ಹಾಗೂ ಜಿಲ್ಲಾ ಪೊಲೀಸ್ ವರಿಷ್ಠಾಧಿಕಾರಿಗಳ ನೇತೃತ್ವದಲ್ಲಿ ಕಾರ್ಯಾಚರಣೆ ನಡೆಸಿದ ತಂಡದ ಸದಸ್ಯರು ಉಪಸ್ಥಿತರಿದ್ದರು.
